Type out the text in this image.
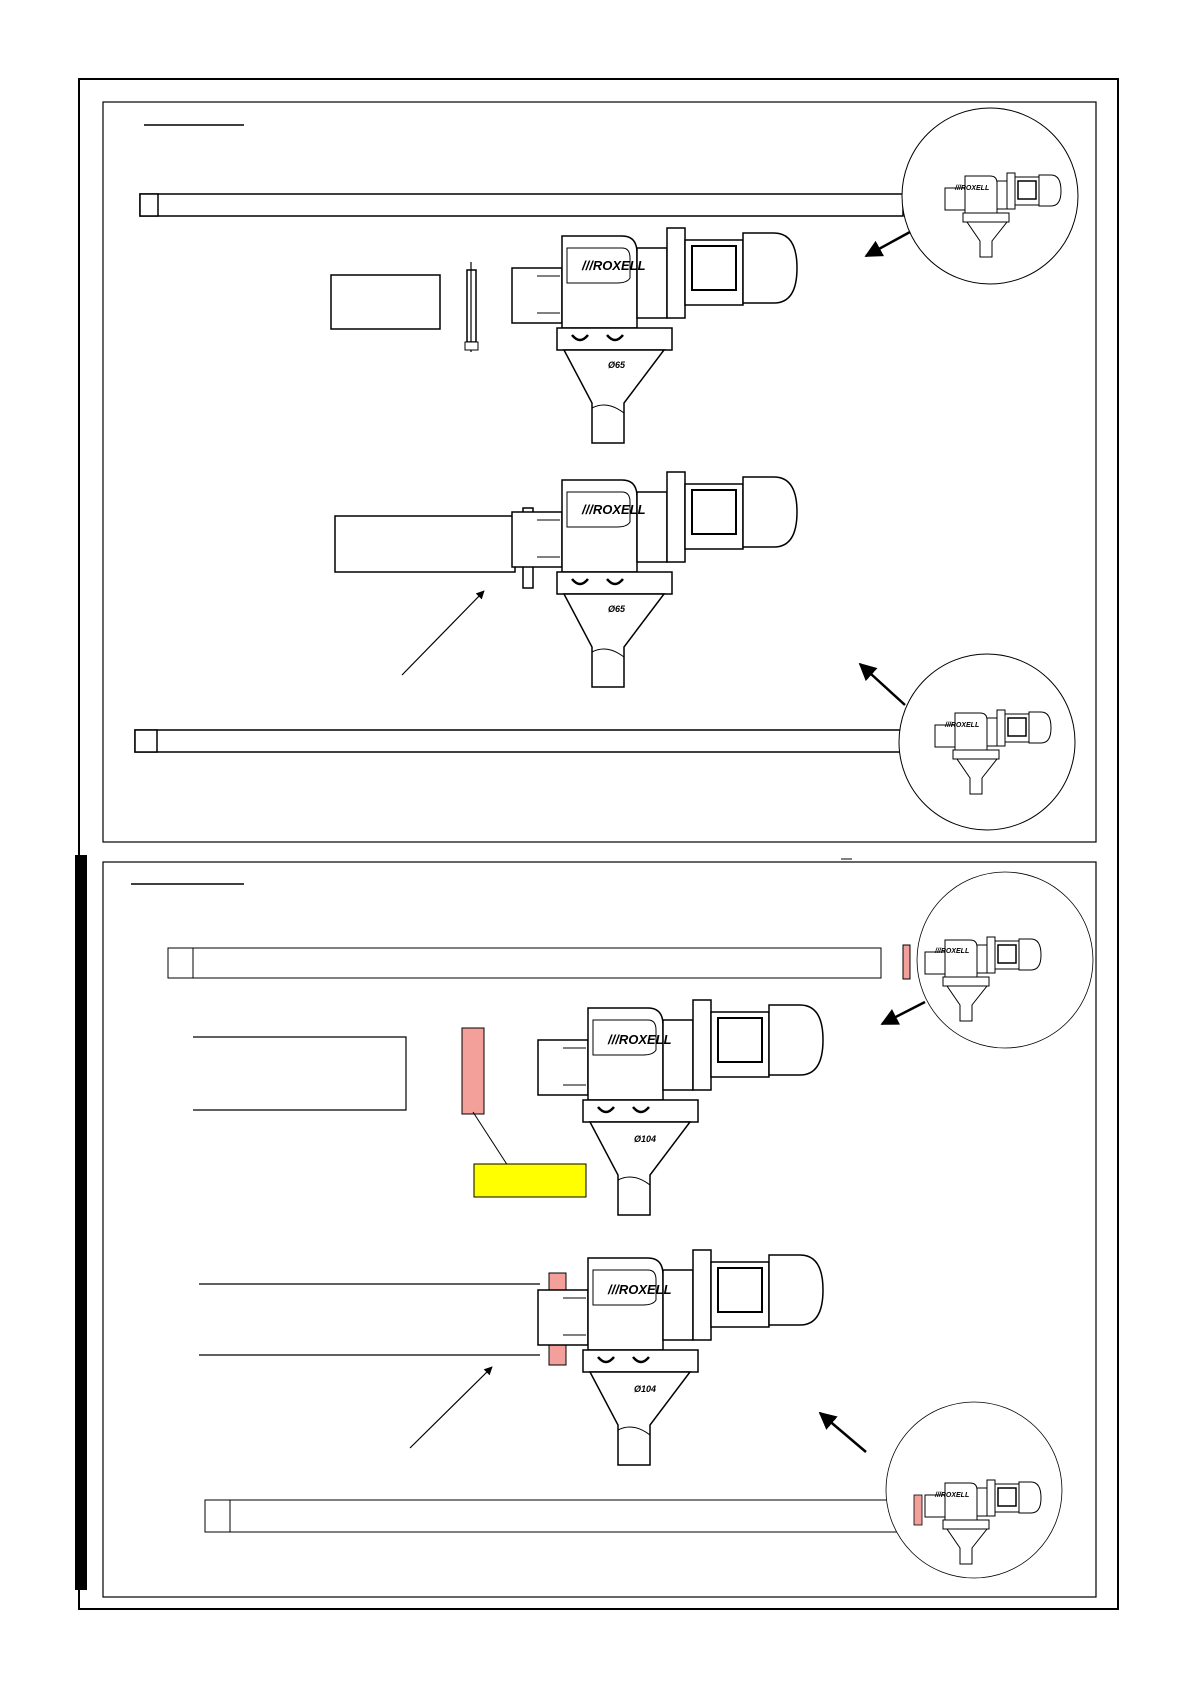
///ROXELL
///ROXELL
Ø65
///ROXELL
Ø65
///ROXELL
///ROXELL
///ROXELL
Ø104
///ROXELL
Ø104
///ROXELL
